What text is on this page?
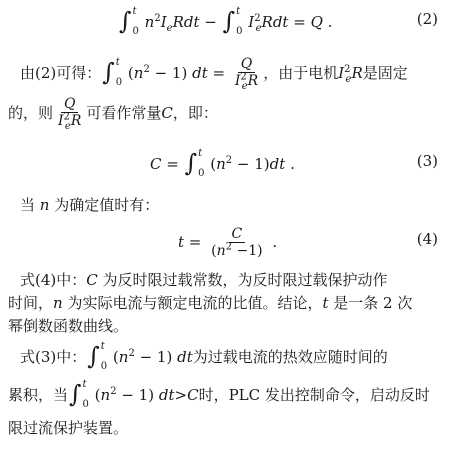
∫ t
0
$n^2I_eRdt$ − ∫ t
0
$I^2_eRdt = Q$ .	(2)
由(2)可得： ∫ t
0
$(n^2 - 1)$ dt = $\frac{Q}{I^2_eR}$ ，由于电机 $I^2_eR$ 是固定
的，则 $\frac{Q}{I^2_eR}$ 可看作常量 C ，即：
C = ∫ t
0
$(n^2 - 1)dt$ .	(3)
当 n 为确定值时有：
$t = \frac{C}{(n^2 -1)}$ .	(4)
式(4)中：C 为反时限过载常数，为反时限过载保护动作
时间，n 为实际电流与额定电流的比值。结论，t 是一条 2 次
幂倒数函数曲线。
式(3)中： ∫ t
0
$(n^2 - 1)$ dt 为过载电流的热效应随时间的
累积，当 ∫ t
0
$(n^2 - 1)$ dt > C 时，PLC 发出控制命令，启动反时
限过流保护装置。
